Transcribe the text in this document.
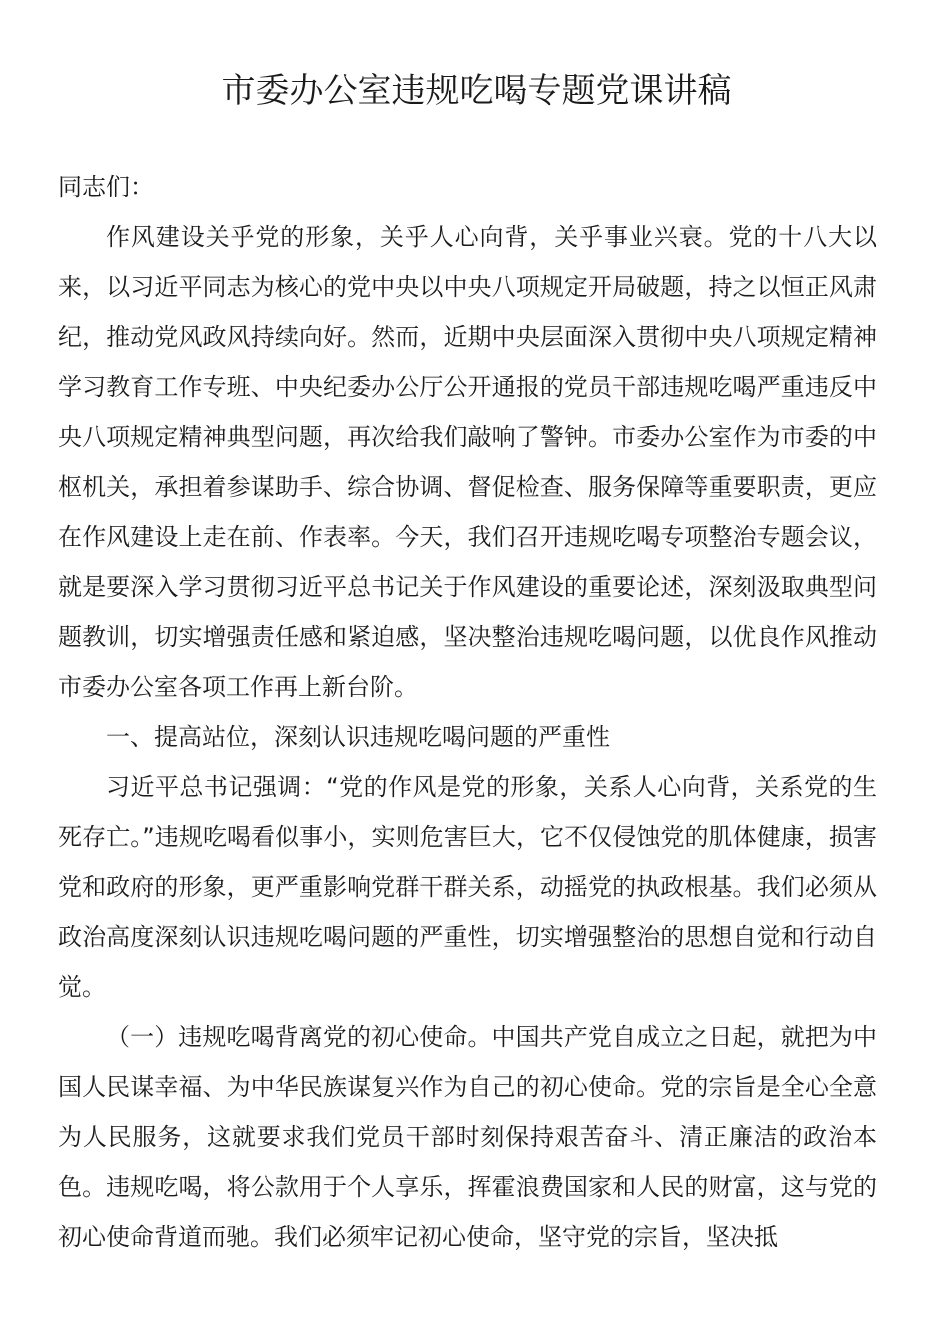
市委办公室违规吃喝专题党课讲稿

同志们：

作风建设关乎党的形象，关乎人心向背，关乎事业兴衰。党的十八大以来，以习近平同志为核心的党中央以中央八项规定开局破题，持之以恒正风肃纪，推动党风政风持续向好。然而，近期中央层面深入贯彻中央八项规定精神学习教育工作专班、中央纪委办公厅公开通报的党员干部违规吃喝严重违反中央八项规定精神典型问题，再次给我们敲响了警钟。市委办公室作为市委的中枢机关，承担着参谋助手、综合协调、督促检查、服务保障等重要职责，更应在作风建设上走在前、作表率。今天，我们召开违规吃喝专项整治专题会议，就是要深入学习贯彻习近平总书记关于作风建设的重要论述，深刻汲取典型问题教训，切实增强责任感和紧迫感，坚决整治违规吃喝问题，以优良作风推动市委办公室各项工作再上新台阶。

一、提高站位，深刻认识违规吃喝问题的严重性

习近平总书记强调：“党的作风是党的形象，关系人心向背，关系党的生死存亡。”违规吃喝看似事小，实则危害巨大，它不仅侵蚀党的肌体健康，损害党和政府的形象，更严重影响党群干群关系，动摇党的执政根基。我们必须从政治高度深刻认识违规吃喝问题的严重性，切实增强整治的思想自觉和行动自觉。

（一）违规吃喝背离党的初心使命。中国共产党自成立之日起，就把为中国人民谋幸福、为中华民族谋复兴作为自己的初心使命。党的宗旨是全心全意为人民服务，这就要求我们党员干部时刻保持艰苦奋斗、清正廉洁的政治本色。违规吃喝，将公款用于个人享乐，挥霍浪费国家和人民的财富，这与党的初心使命背道而驰。我们必须牢记初心使命，坚守党的宗旨，坚决抵
